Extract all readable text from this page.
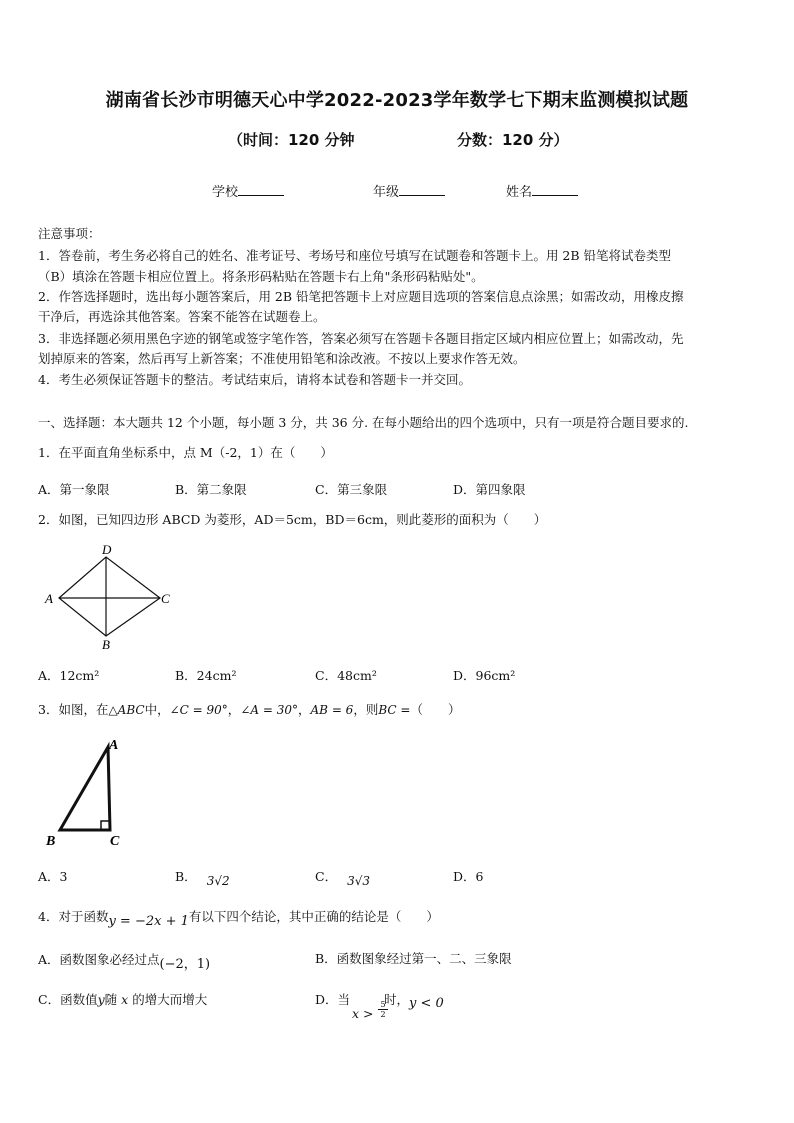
湖南省长沙市明德天心中学2022-2023学年数学七下期末监测模拟试题
（时间：120 分钟	分数：120 分）
学校	年级	姓名
注意事项：
1．答卷前，考生务必将自己的姓名、准考证号、考场号和座位号填写在试题卷和答题卡上。用 2B 铅笔将试卷类型
（B）填涂在答题卡相应位置上。将条形码粘贴在答题卡右上角"条形码粘贴处"。
2．作答选择题时，选出每小题答案后，用 2B 铅笔把答题卡上对应题目选项的答案信息点涂黑；如需改动，用橡皮擦
干净后，再选涂其他答案。答案不能答在试题卷上。
3．非选择题必须用黑色字迹的钢笔或签字笔作答，答案必须写在答题卡各题目指定区域内相应位置上；如需改动，先
划掉原来的答案，然后再写上新答案；不准使用铅笔和涂改液。不按以上要求作答无效。
4．考生必须保证答题卡的整洁。考试结束后，请将本试卷和答题卡一并交回。
一、选择题：本大题共 12 个小题，每小题 3 分，共 36 分. 在每小题给出的四个选项中，只有一项是符合题目要求的.
1．在平面直角坐标系中，点 M（-2，1）在（　　）
A．第一象限	B．第二象限	C．第三象限	D．第四象限
2．如图，已知四边形 ABCD 为菱形，AD＝5cm，BD＝6cm，则此菱形的面积为（　　）
D
A	C
B
A．12cm²	B．24cm²	C．48cm²	D．96cm²
3．如图，在△ABC中，∠C = 90°，∠A = 30°，AB = 6，则BC =（　　）
A
B	C
A．3	B． 3√2	C． 3√3	D．6
4．对于函数y = −2x + 1有以下四个结论，其中正确的结论是（　　）
A．函数图象必经过点(−2，1)	B．函数图象经过第一、二、三象限
C．函数值y随 x 的增大而增大	D．当
$x > \frac{5}{2}$
时，y < 0
